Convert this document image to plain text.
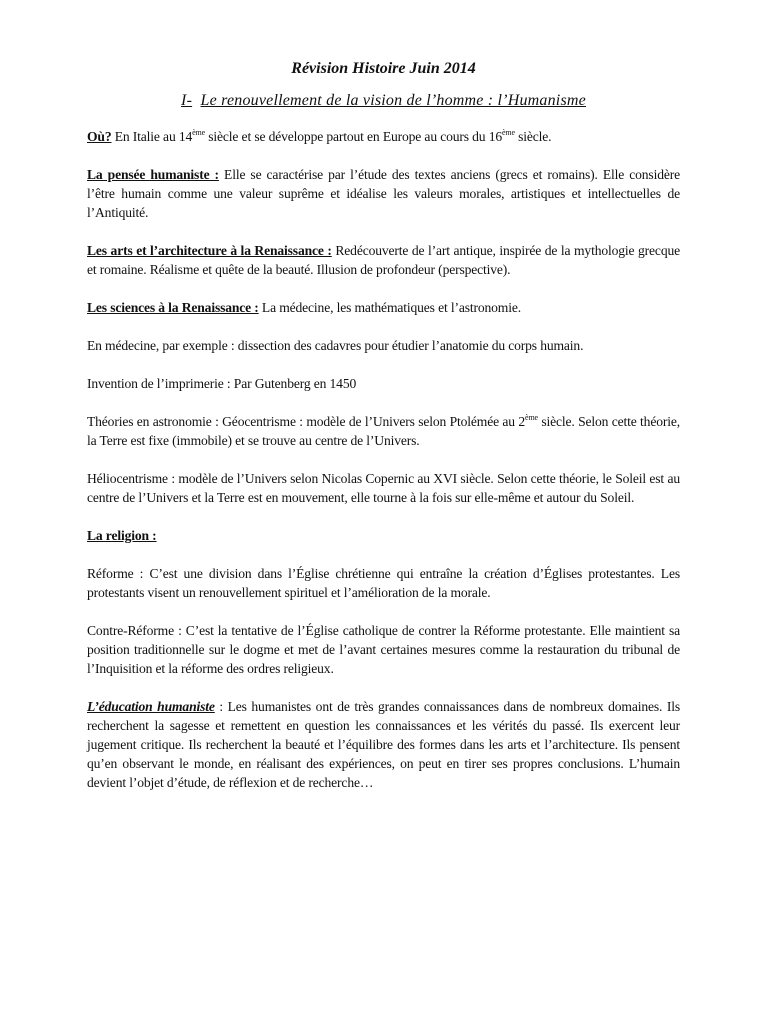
Révision Histoire Juin 2014
I- Le renouvellement de la vision de l’homme : l’Humanisme

Où? En Italie au 14ème siècle et se développe partout en Europe au cours du 16ème siècle.

La pensée humaniste : Elle se caractérise par l’étude des textes anciens (grecs et romains). Elle considère l’être humain comme une valeur suprême et idéalise les valeurs morales, artistiques et intellectuelles de l’Antiquité.

Les arts et l’architecture à la Renaissance : Redécouverte de l’art antique, inspirée de la mythologie grecque et romaine. Réalisme et quête de la beauté. Illusion de profondeur (perspective).

Les sciences à la Renaissance : La médecine, les mathématiques et l’astronomie.

En médecine, par exemple : dissection des cadavres pour étudier l’anatomie du corps humain.

Invention de l’imprimerie : Par Gutenberg en 1450

Théories en astronomie : Géocentrisme : modèle de l’Univers selon Ptolémée au 2ème siècle. Selon cette théorie, la Terre est fixe (immobile) et se trouve au centre de l’Univers.

Héliocentrisme : modèle de l’Univers selon Nicolas Copernic au XVI siècle. Selon cette théorie, le Soleil est au centre de l’Univers et la Terre est en mouvement, elle tourne à la fois sur elle-même et autour du Soleil.

La religion :

Réforme : C’est une division dans l’Église chrétienne qui entraîne la création d’Églises protestantes. Les protestants visent un renouvellement spirituel et l’amélioration de la morale.

Contre-Réforme : C’est la tentative de l’Église catholique de contrer la Réforme protestante. Elle maintient sa position traditionnelle sur le dogme et met de l’avant certaines mesures comme la restauration du tribunal de l’Inquisition et la réforme des ordres religieux.

L’éducation humaniste : Les humanistes ont de très grandes connaissances dans de nombreux domaines. Ils recherchent la sagesse et remettent en question les connaissances et les vérités du passé. Ils exercent leur jugement critique. Ils recherchent la beauté et l’équilibre des formes dans les arts et l’architecture. Ils pensent qu’en observant le monde, en réalisant des expériences, on peut en tirer ses propres conclusions. L’humain devient l’objet d’étude, de réflexion et de recherche…
